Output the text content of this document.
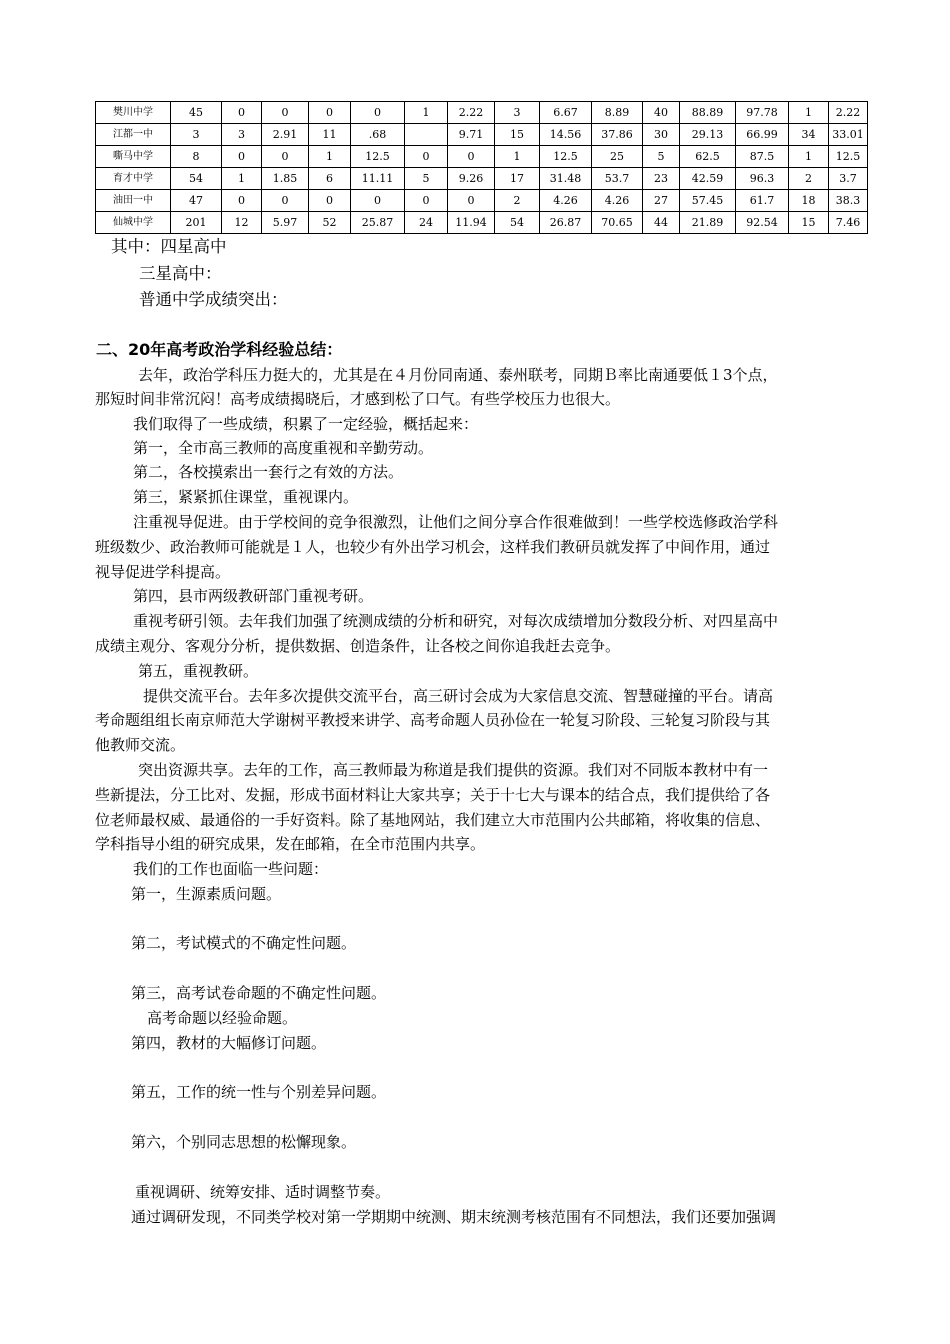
樊川中学	45	0	0	0	0	1	2.22	3	6.67	8.89	40	88.89	97.78	1	2.22
江都一中	3	3	2.91	11	.68		9.71	15	14.56	37.86	30	29.13	66.99	34	33.01
嘶马中学	8	0	0	1	12.5	0	0	1	12.5	25	5	62.5	87.5	1	12.5
育才中学	54	1	1.85	6	11.11	5	9.26	17	31.48	53.7	23	42.59	96.3	2	3.7
油田一中	47	0	0	0	0	0	0	2	4.26	4.26	27	57.45	61.7	18	38.3
仙城中学	201	12	5.97	52	25.87	24	11.94	54	26.87	70.65	44	21.89	92.54	15	7.46
其中：四星高中
三星高中：
普通中学成绩突出：
二、20年高考政治学科经验总结：
去年，政治学科压力挺大的，尤其是在４月份同南通、泰州联考，同期Ｂ率比南通要低１3个点，
那短时间非常沉闷！高考成绩揭晓后，才感到松了口气。有些学校压力也很大。
我们取得了一些成绩，积累了一定经验，概括起来：
第一，全市高三教师的高度重视和辛勤劳动。
第二，各校摸索出一套行之有效的方法。
第三，紧紧抓住课堂，重视课内。
注重视导促进。由于学校间的竞争很激烈，让他们之间分享合作很难做到！一些学校选修政治学科
班级数少、政治教师可能就是１人，也较少有外出学习机会，这样我们教研员就发挥了中间作用，通过
视导促进学科提高。
第四，县市两级教研部门重视考研。
重视考研引领。去年我们加强了统测成绩的分析和研究，对每次成绩增加分数段分析、对四星高中
成绩主观分、客观分分析，提供数据、创造条件，让各校之间你追我赶去竞争。
第五，重视教研。
提供交流平台。去年多次提供交流平台，高三研讨会成为大家信息交流、智慧碰撞的平台。请高
考命题组组长南京师范大学谢树平教授来讲学、高考命题人员孙俭在一轮复习阶段、三轮复习阶段与其
他教师交流。
突出资源共享。去年的工作，高三教师最为称道是我们提供的资源。我们对不同版本教材中有一
些新提法，分工比对、发掘，形成书面材料让大家共享；关于十七大与课本的结合点，我们提供给了各
位老师最权威、最通俗的一手好资料。除了基地网站，我们建立大市范围内公共邮箱，将收集的信息、
学科指导小组的研究成果，发在邮箱，在全市范围内共享。
我们的工作也面临一些问题：
第一，生源素质问题。
第二，考试模式的不确定性问题。
第三，高考试卷命题的不确定性问题。
高考命题以经验命题。
第四，教材的大幅修订问题。
第五，工作的统一性与个别差异问题。
第六，个别同志思想的松懈现象。
重视调研、统筹安排、适时调整节奏。
通过调研发现，不同类学校对第一学期期中统测、期末统测考核范围有不同想法，我们还要加强调
